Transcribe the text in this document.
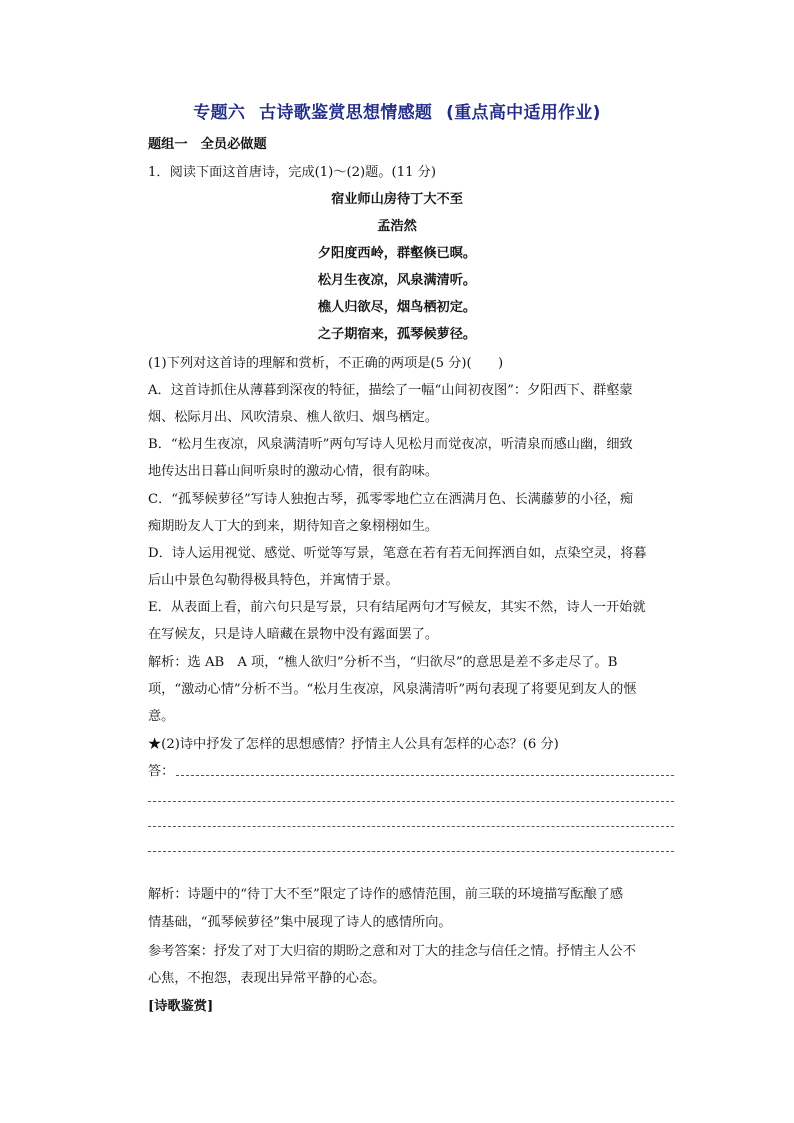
专题六 古诗歌鉴赏思想情感题 (重点高中适用作业)
题组一　全员必做题
1．阅读下面这首唐诗，完成(1)～(2)题。(11 分)
宿业师山房待丁大不至
孟浩然
夕阳度西岭，群壑倏已暝。
松月生夜凉，风泉满清听。
樵人归欲尽，烟鸟栖初定。
之子期宿来，孤琴候萝径。
(1)下列对这首诗的理解和赏析，不正确的两项是(5 分)(　　)
A．这首诗抓住从薄暮到深夜的特征，描绘了一幅“山间初夜图”：夕阳西下、群壑蒙
烟、松际月出、风吹清泉、樵人欲归、烟鸟栖定。
B．“松月生夜凉，风泉满清听”两句写诗人见松月而觉夜凉，听清泉而感山幽，细致
地传达出日暮山间听泉时的激动心情，很有韵味。
C．“孤琴候萝径”写诗人独抱古琴，孤零零地伫立在洒满月色、长满藤萝的小径，痴
痴期盼友人丁大的到来，期待知音之象栩栩如生。
D．诗人运用视觉、感觉、听觉等写景，笔意在若有若无间挥洒自如，点染空灵，将暮
后山中景色勾勒得极具特色，并寓情于景。
E．从表面上看，前六句只是写景，只有结尾两句才写候友，其实不然，诗人一开始就
在写候友，只是诗人暗藏在景物中没有露面罢了。
解析：选 AB　A 项，“樵人欲归”分析不当，“归欲尽”的意思是差不多走尽了。B
项，“激动心情”分析不当。“松月生夜凉，风泉满清听”两句表现了将要见到友人的惬
意。
★(2)诗中抒发了怎样的思想感情？抒情主人公具有怎样的心态？(6 分)
答：
解析：诗题中的“待丁大不至”限定了诗作的感情范围，前三联的环境描写酝酿了感
情基础，“孤琴候萝径”集中展现了诗人的感情所向。
参考答案：抒发了对丁大归宿的期盼之意和对丁大的挂念与信任之情。抒情主人公不
心焦，不抱怨，表现出异常平静的心态。
[诗歌鉴赏]
